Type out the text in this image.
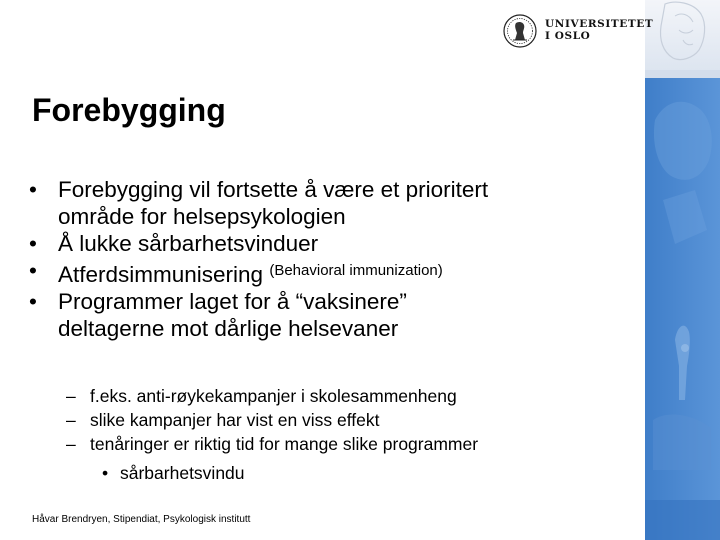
UNIVERSITETET
I OSLO
Forebygging
• Forebygging vil fortsette å være et prioritert
område for helsepsykologien
• Å lukke sårbarhetsvinduer
• Atferdsimmunisering $^{(Behavioral immunization)}$
• Programmer laget for å “vaksinere”
deltagerne mot dårlige helsevaner
– f.eks. anti-røykekampanjer i skolesammenheng
– slike kampanjer har vist en viss effekt
– tenåringer er riktig tid for mange slike programmer
• sårbarhetsvindu
Håvar Brendryen, Stipendiat, Psykologisk institutt
